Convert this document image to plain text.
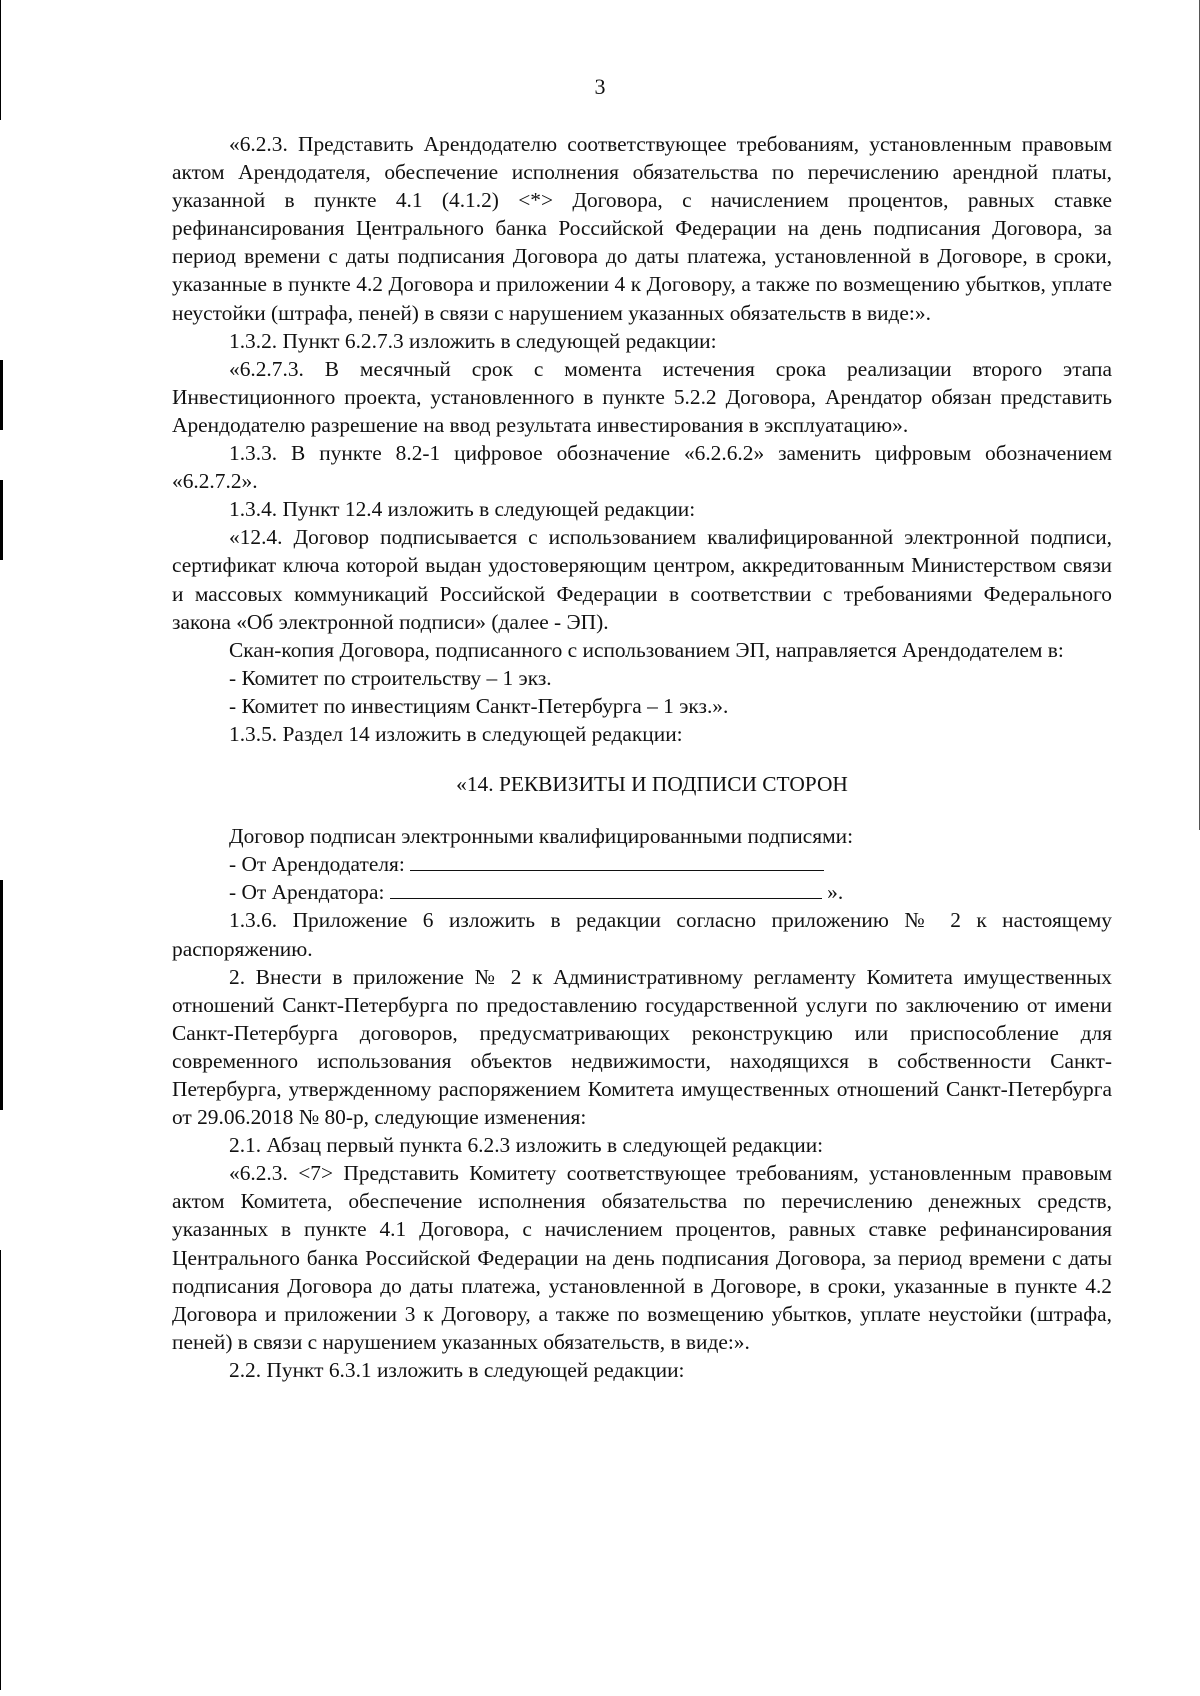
3

«6.2.3. Представить Арендодателю соответствующее требованиям, установленным правовым актом Арендодателя, обеспечение исполнения обязательства по перечислению арендной платы, указанной в пункте 4.1 (4.1.2) <*> Договора, с начислением процентов, равных ставке рефинансирования Центрального банка Российской Федерации на день подписания Договора, за период времени с даты подписания Договора до даты платежа, установленной в Договоре, в сроки, указанные в пункте 4.2 Договора и приложении 4 к Договору, а также по возмещению убытков, уплате неустойки (штрафа, пеней) в связи с нарушением указанных обязательств в виде:».

1.3.2. Пункт 6.2.7.3 изложить в следующей редакции:

«6.2.7.3. В месячный срок с момента истечения срока реализации второго этапа Инвестиционного проекта, установленного в пункте 5.2.2 Договора, Арендатор обязан представить Арендодателю разрешение на ввод результата инвестирования в эксплуатацию».

1.3.3. В пункте 8.2-1 цифровое обозначение «6.2.6.2» заменить цифровым обозначением «6.2.7.2».

1.3.4. Пункт 12.4 изложить в следующей редакции:

«12.4. Договор подписывается с использованием квалифицированной электронной подписи, сертификат ключа которой выдан удостоверяющим центром, аккредитованным Министерством связи и массовых коммуникаций Российской Федерации в соответствии с требованиями Федерального закона «Об электронной подписи» (далее - ЭП).

Скан-копия Договора, подписанного с использованием ЭП, направляется Арендодателем в:

- Комитет по строительству – 1 экз.

- Комитет по инвестициям Санкт-Петербурга – 1 экз.».

1.3.5. Раздел 14 изложить в следующей редакции:

«14. РЕКВИЗИТЫ И ПОДПИСИ СТОРОН

Договор подписан электронными квалифицированными подписями:

- От Арендодателя:

- От Арендатора:	».

1.3.6. Приложение 6 изложить в редакции согласно приложению № 2 к настоящему распоряжению.

2. Внести в приложение № 2 к Административному регламенту Комитета имущественных отношений Санкт-Петербурга по предоставлению государственной услуги по заключению от имени Санкт-Петербурга договоров, предусматривающих реконструкцию или приспособление для современного использования объектов недвижимости, находящихся в собственности Санкт-Петербурга, утвержденному распоряжением Комитета имущественных отношений Санкт-Петербурга от 29.06.2018 № 80-р, следующие изменения:

2.1. Абзац первый пункта 6.2.3 изложить в следующей редакции:

«6.2.3. <7> Представить Комитету соответствующее требованиям, установленным правовым актом Комитета, обеспечение исполнения обязательства по перечислению денежных средств, указанных в пункте 4.1 Договора, с начислением процентов, равных ставке рефинансирования Центрального банка Российской Федерации на день подписания Договора, за период времени с даты подписания Договора до даты платежа, установленной в Договоре, в сроки, указанные в пункте 4.2 Договора и приложении 3 к Договору, а также по возмещению убытков, уплате неустойки (штрафа, пеней) в связи с нарушением указанных обязательств, в виде:».

2.2. Пункт 6.3.1 изложить в следующей редакции:
